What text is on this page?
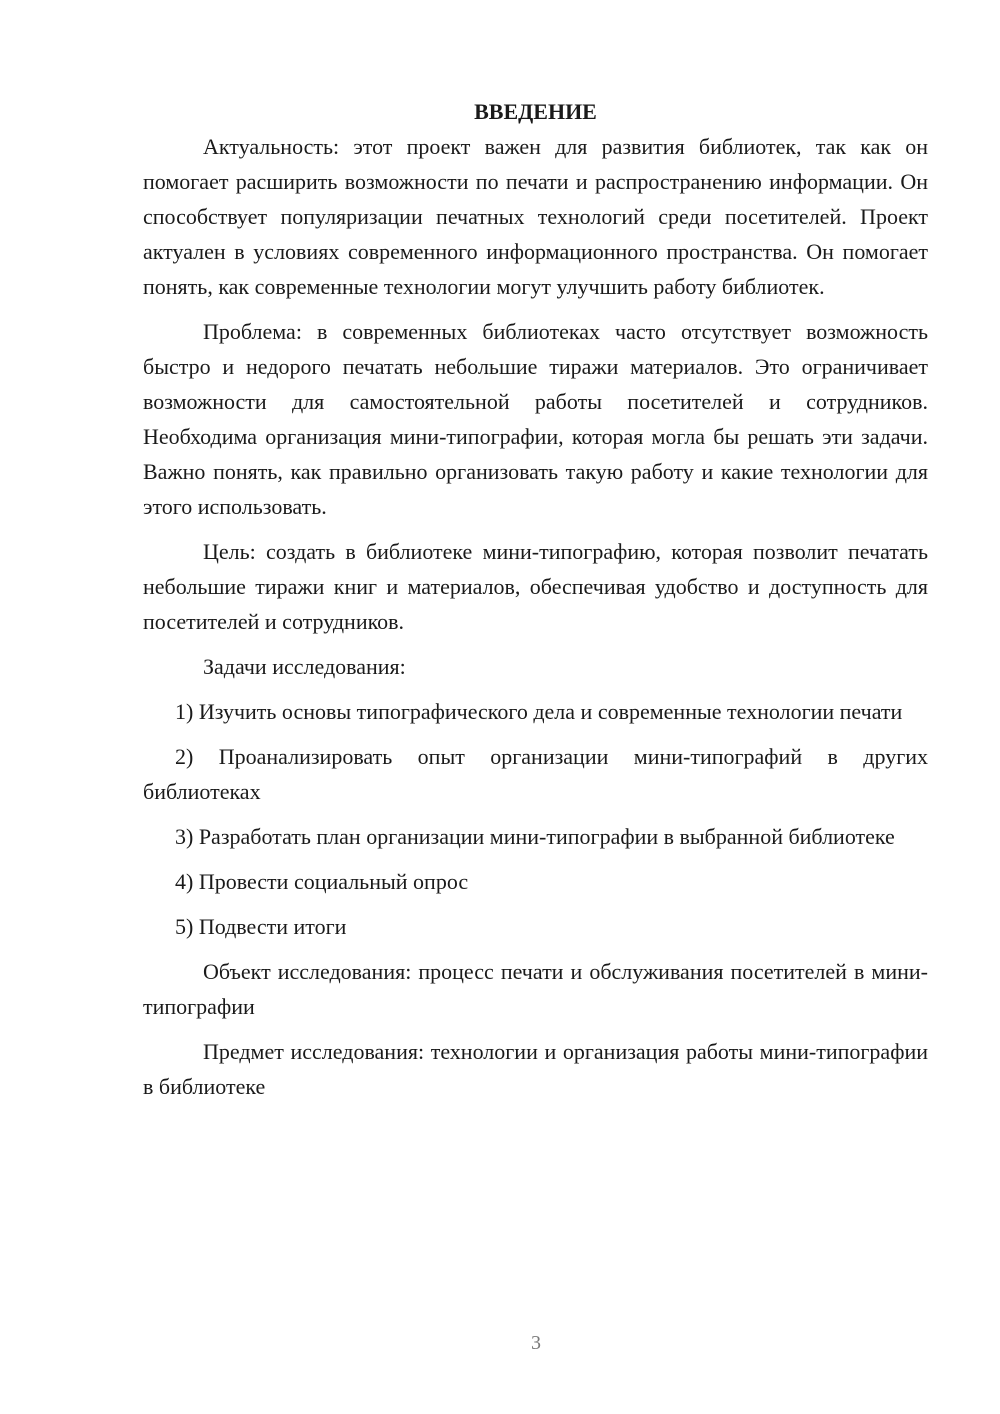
ВВЕДЕНИЕ

Актуальность: этот проект важен для развития библиотек, так как он помогает расширить возможности по печати и распространению информации. Он способствует популяризации печатных технологий среди посетителей. Проект актуален в условиях современного информационного пространства. Он помогает понять, как современные технологии могут улучшить работу библиотек.

Проблема: в современных библиотеках часто отсутствует возможность быстро и недорого печатать небольшие тиражи материалов. Это ограничивает возможности для самостоятельной работы посетителей и сотрудников. Необходима организация мини-типографии, которая могла бы решать эти задачи. Важно понять, как правильно организовать такую работу и какие технологии для этого использовать.

Цель: создать в библиотеке мини-типографию, которая позволит печатать небольшие тиражи книг и материалов, обеспечивая удобство и доступность для посетителей и сотрудников.

Задачи исследования:

1) Изучить основы типографического дела и современные технологии печати

2) Проанализировать опыт организации мини-типографий в других библиотеках

3) Разработать план организации мини-типографии в выбранной библиотеке

4) Провести социальный опрос

5) Подвести итоги

Объект исследования: процесс печати и обслуживания посетителей в мини-типографии

Предмет исследования: технологии и организация работы мини-типографии в библиотеке

3
